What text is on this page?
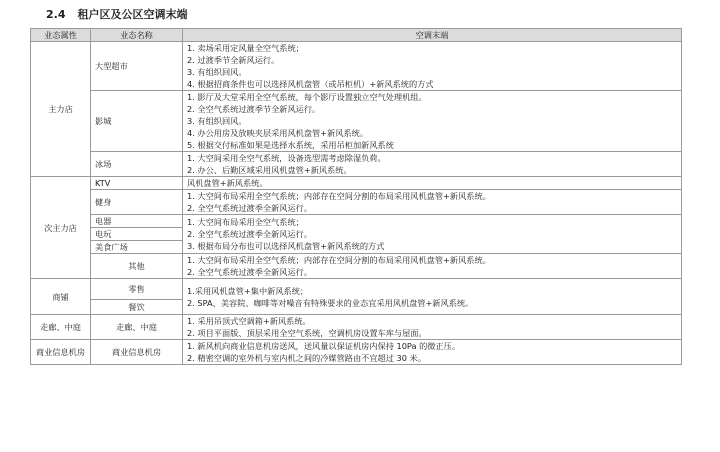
2.4 租户区及公区空调末端
业态属性	业态名称	空调末端
主力店	大型超市	1. 卖场采用定风量全空气系统；
2. 过渡季节全新风运行。
3. 有组织回风。
4. 根据招商条件也可以选择风机盘管（或吊柜机）+新风系统的方式

	影城	1. 影厅及大堂采用全空气系统，每个影厅设置独立空气处理机组。
2. 全空气系统过渡季节全新风运行。
3. 有组织回风。
4. 办公用房及放映夹层采用风机盘管+新风系统。
5. 根据交付标准如果是选择水系统，采用吊柜加新风系统

	冰场	1. 大空间采用全空气系统，设备选型需考虑除湿负荷。
2. 办公、后勤区域采用风机盘管+新风系统。

次主力店	KTV	风机盘管+新风系统。

	健身	1. 大空间布局采用全空气系统；内部存在空间分割的布局采用风机盘管+新风系统。
2. 全空气系统过渡季全新风运行。

	电器	1. 大空间布局采用全空气系统；
2. 全空气系统过渡季全新风运行。
3. 根据布局分布也可以选择风机盘管+新风系统的方式

	电玩	
	美食广场	
	其他	1. 大空间布局采用全空气系统；内部存在空间分割的布局采用风机盘管+新风系统。
2. 全空气系统过渡季全新风运行。

商铺	零售	1.采用风机盘管+集中新风系统；
2. SPA、美容院、咖啡等对噪音有特殊要求的业态宜采用风机盘管+新风系统。

	餐饮	
走廊、中庭	走廊、中庭	1. 采用吊顶式空调箱+新风系统。
2. 项目平面版、顶层采用全空气系统，空调机房设置车库与屋面。

商业信息机房	商业信息机房	1. 新风机向商业信息机房送风，送风量以保证机房内保持 10Pa 的微正压。
2. 精密空调的室外机与室内机之间的冷媒管路由不宜超过 30 米。
